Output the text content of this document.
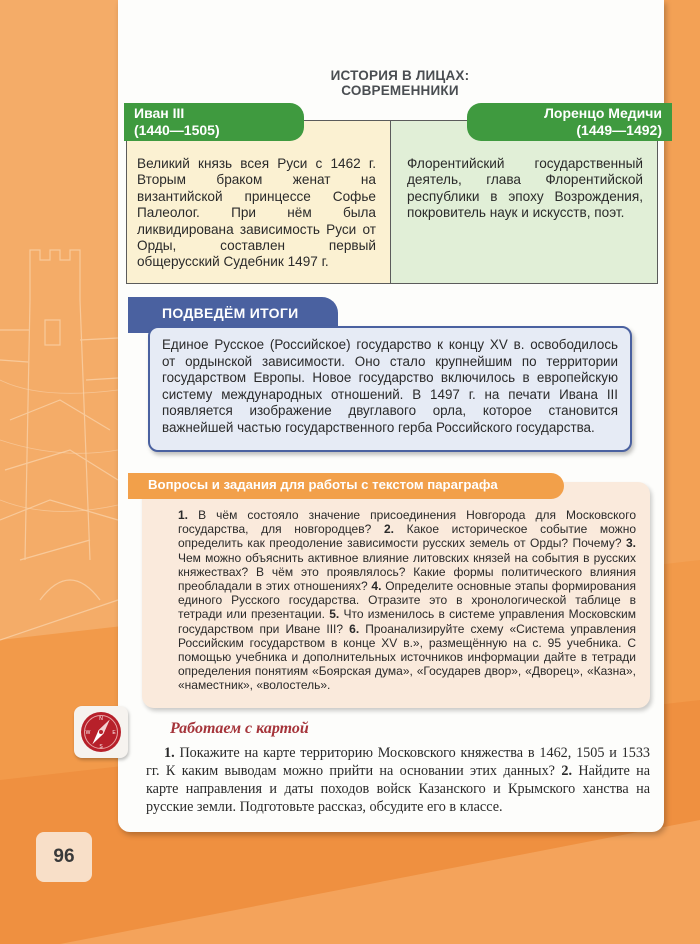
ИСТОРИЯ В ЛИЦАХ:
СОВРЕМЕННИКИ
Великий князь всея Руси с 1462 г. Вторым браком женат на византийской принцессе Софье Палеолог. При нём была ликвидирована зависимость Руси от Орды, составлен первый общерусский Судебник 1497 г.
Флорентийский государственный деятель, глава Флорентийской республики в эпоху Возрождения, покровитель наук и искусств, поэт.
Иван III
(1440—1505)
Лоренцо Медичи
(1449—1492)
ПОДВЕДЁМ ИТОГИ
Единое Русское (Российское) государство к концу XV в. освободилось от ордынской зависимости. Оно стало крупнейшим по территории государством Европы. Новое государство включилось в европейскую систему международных отношений. В 1497 г. на печати Ивана III появляется изображение двуглавого орла, которое становится важнейшей частью государственного герба Российского государства.
1. В чём состояло значение присоединения Новгорода для Московского государства, для новгородцев? 2. Какое историческое событие можно определить как преодоление зависимости русских земель от Орды? Почему? 3. Чем можно объяснить активное влияние литовских князей на события в русских княжествах? В чём это проявлялось? Какие формы политического влияния преобладали в этих отношениях? 4. Определите основные этапы формирования единого Русского государства. Отразите это в хронологической таблице в тетради или презентации. 5. Что изменилось в системе управления Московским государством при Иване III? 6. Проанализируйте схему «Система управления Российским государством в конце XV в.», размещённую на с. 95 учебника. С помощью учебника и дополнительных источников информации дайте в тетради определения понятиям «Боярская дума», «Государев двор», «Дворец», «Казна», «наместник», «волостель».
Вопросы и задания для работы с текстом параграфа
N
S
W	E	Работаем с картой
1. Покажите на карте территорию Московского княжества в 1462, 1505 и 1533 гг. К каким выводам можно прийти на основании этих данных? 2. Найдите на карте направления и даты походов войск Казанского и Крымского ханства на русские земли. Подготовьте рассказ, обсудите его в классе.
96
